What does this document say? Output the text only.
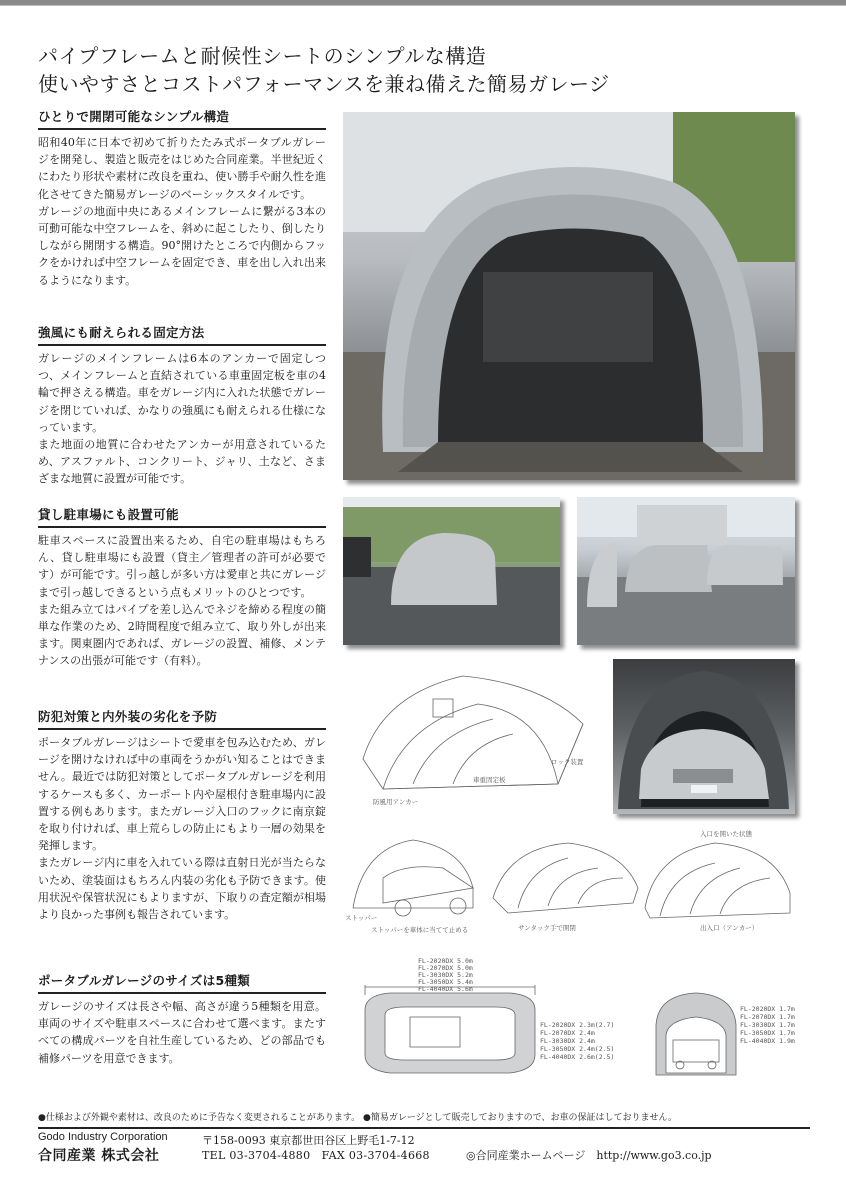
パイプフレームと耐候性シートのシンプルな構造
使いやすさとコストパフォーマンスを兼ね備えた簡易ガレージ
ひとりで開閉可能なシンプル構造

昭和40年に日本で初めて折りたたみ式ポータブルガレージを開発し、製造と販売をはじめた合同産業。半世紀近くにわたり形状や素材に改良を重ね、使い勝手や耐久性を進化させてきた簡易ガレージのベーシックスタイルです。

ガレージの地面中央にあるメインフレームに繋がる3本の可動可能な中空フレームを、斜めに起こしたり、倒したりしながら開閉する構造。90°開けたところで内側からフックをかければ中空フレームを固定でき、車を出し入れ出来るようになります。

強風にも耐えられる固定方法

ガレージのメインフレームは6本のアンカーで固定しつつ、メインフレームと直結されている車重固定板を車の4輪で押さえる構造。車をガレージ内に入れた状態でガレージを閉じていれば、かなりの強風にも耐えられる仕様になっています。

また地面の地質に合わせたアンカーが用意されているため、アスファルト、コンクリート、ジャリ、土など、さまざまな地質に設置が可能です。

貸し駐車場にも設置可能

駐車スペースに設置出来るため、自宅の駐車場はもちろん、貸し駐車場にも設置（貸主／管理者の許可が必要です）が可能です。引っ越しが多い方は愛車と共にガレージまで引っ越しできるという点もメリットのひとつです。

また組み立てはパイプを差し込んでネジを締める程度の簡単な作業のため、2時間程度で組み立て、取り外しが出来ます。関東圏内であれば、ガレージの設置、補修、メンテナンスの出張が可能です（有料）。

防犯対策と内外装の劣化を予防

ポータブルガレージはシートで愛車を包み込むため、ガレージを開けなければ中の車両をうかがい知ることはできません。最近では防犯対策としてポータブルガレージを利用するケースも多く、カーポート内や屋根付き駐車場内に設置する例もあります。またガレージ入口のフックに南京錠を取り付ければ、車上荒らしの防止にもより一層の効果を発揮します。

またガレージ内に車を入れている際は直射日光が当たらないため、塗装面はもちろん内装の劣化も予防できます。使用状況や保管状況にもよりますが、下取りの査定額が相場より良かった事例も報告されています。

ポータブルガレージのサイズは5種類

ガレージのサイズは長さや幅、高さが違う5種類を用意。車両のサイズや駐車スペースに合わせて選べます。またすべての構成パーツを自社生産しているため、どの部品でも補修パーツを用意できます。

防風用アンカー
車重固定板
ロック装置
ストッパー
ストッパーを車体に当てて止める	サンタック手で開閉
入口を開いた状態
出入口（アンカー）
FL-2020DX 5.0m
FL-2070DX 5.0m
FL-3030DX 5.2m
FL-3050DX 5.4m
FL-4040DX 5.6m
FL-2020DX 2.3m(2.7)
FL-2070DX 2.4m
FL-3030DX 2.4m
FL-3050DX 2.4m(2.5)
FL-4040DX 2.6m(2.5)
FL-2020DX 1.7m
FL-2070DX 1.7m
FL-3030DX 1.7m
FL-3050DX 1.7m
FL-4040DX 1.9m
●仕様および外観や素材は、改良のために予告なく変更されることがあります。 ●簡易ガレージとして販売しておりますので、お車の保証はしておりません。
Godo Industry Corporation
合同産業 株式会社
〒158-0093 東京都世田谷区上野毛1-7-12
TEL 03-3704-4880　FAX 03-3704-4668	◎合同産業ホームページ　http://www.go3.co.jp
